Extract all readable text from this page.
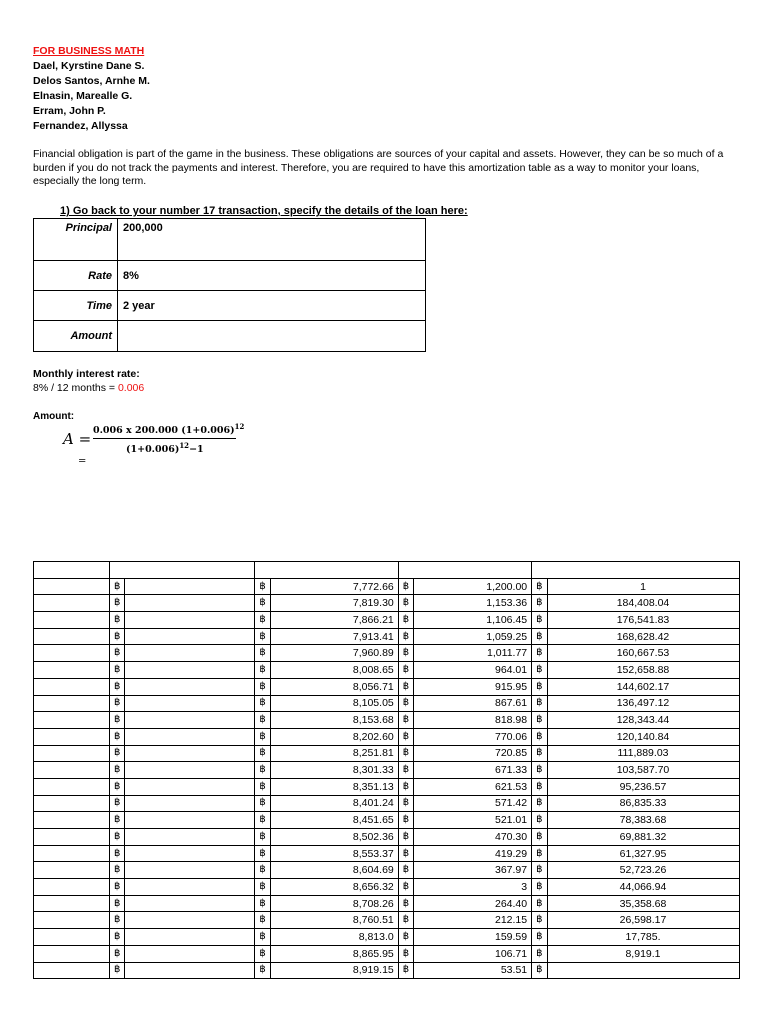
FOR BUSINESS MATH
Dael, Kyrstine Dane S.
Delos Santos, Arnhe M.
Elnasin, Marealle G.
Erram, John P.
Fernandez, Allyssa
Financial obligation is part of the game in the business. These obligations are sources of your capital and assets. However, they can be so much of a burden if you do not track the payments and interest. Therefore, you are required to have this amortization table as a way to monitor your loans, especially the long term.
1) Go back to your number 17 transaction, specify the details of the loan here:
Principal	200,000
Rate	8%
Time	2 year
Amount	
Monthly interest rate:
8% / 12 months = 0.006
Amount:
A = 0.006 x 200.000 $(1+0.006)^{12}$
$(1+0.006)^{12}-1$
=

	฿		฿	7,772.66	฿	1,200.00	฿	1
	฿		฿	7,819.30	฿	1,153.36	฿	184,408.04
	฿		฿	7,866.21	฿	1,106.45	฿	176,541.83
	฿		฿	7,913.41	฿	1,059.25	฿	168,628.42
	฿		฿	7,960.89	฿	1,011.77	฿	160,667.53
	฿		฿	8,008.65	฿	964.01	฿	152,658.88
	฿		฿	8,056.71	฿	915.95	฿	144,602.17
	฿		฿	8,105.05	฿	867.61	฿	136,497.12
	฿		฿	8,153.68	฿	818.98	฿	128,343.44
	฿		฿	8,202.60	฿	770.06	฿	120,140.84
	฿		฿	8,251.81	฿	720.85	฿	111,889.03
	฿		฿	8,301.33	฿	671.33	฿	103,587.70
	฿		฿	8,351.13	฿	621.53	฿	95,236.57
	฿		฿	8,401.24	฿	571.42	฿	86,835.33
	฿		฿	8,451.65	฿	521.01	฿	78,383.68
	฿		฿	8,502.36	฿	470.30	฿	69,881.32
	฿		฿	8,553.37	฿	419.29	฿	61,327.95
	฿		฿	8,604.69	฿	367.97	฿	52,723.26
	฿		฿	8,656.32	฿	3	฿	44,066.94
	฿		฿	8,708.26	฿	264.40	฿	35,358.68
	฿		฿	8,760.51	฿	212.15	฿	26,598.17
	฿		฿	8,813.0	฿	159.59	฿	17,785.
	฿		฿	8,865.95	฿	106.71	฿	8,919.1
	฿		฿	8,919.15	฿	53.51	฿	
